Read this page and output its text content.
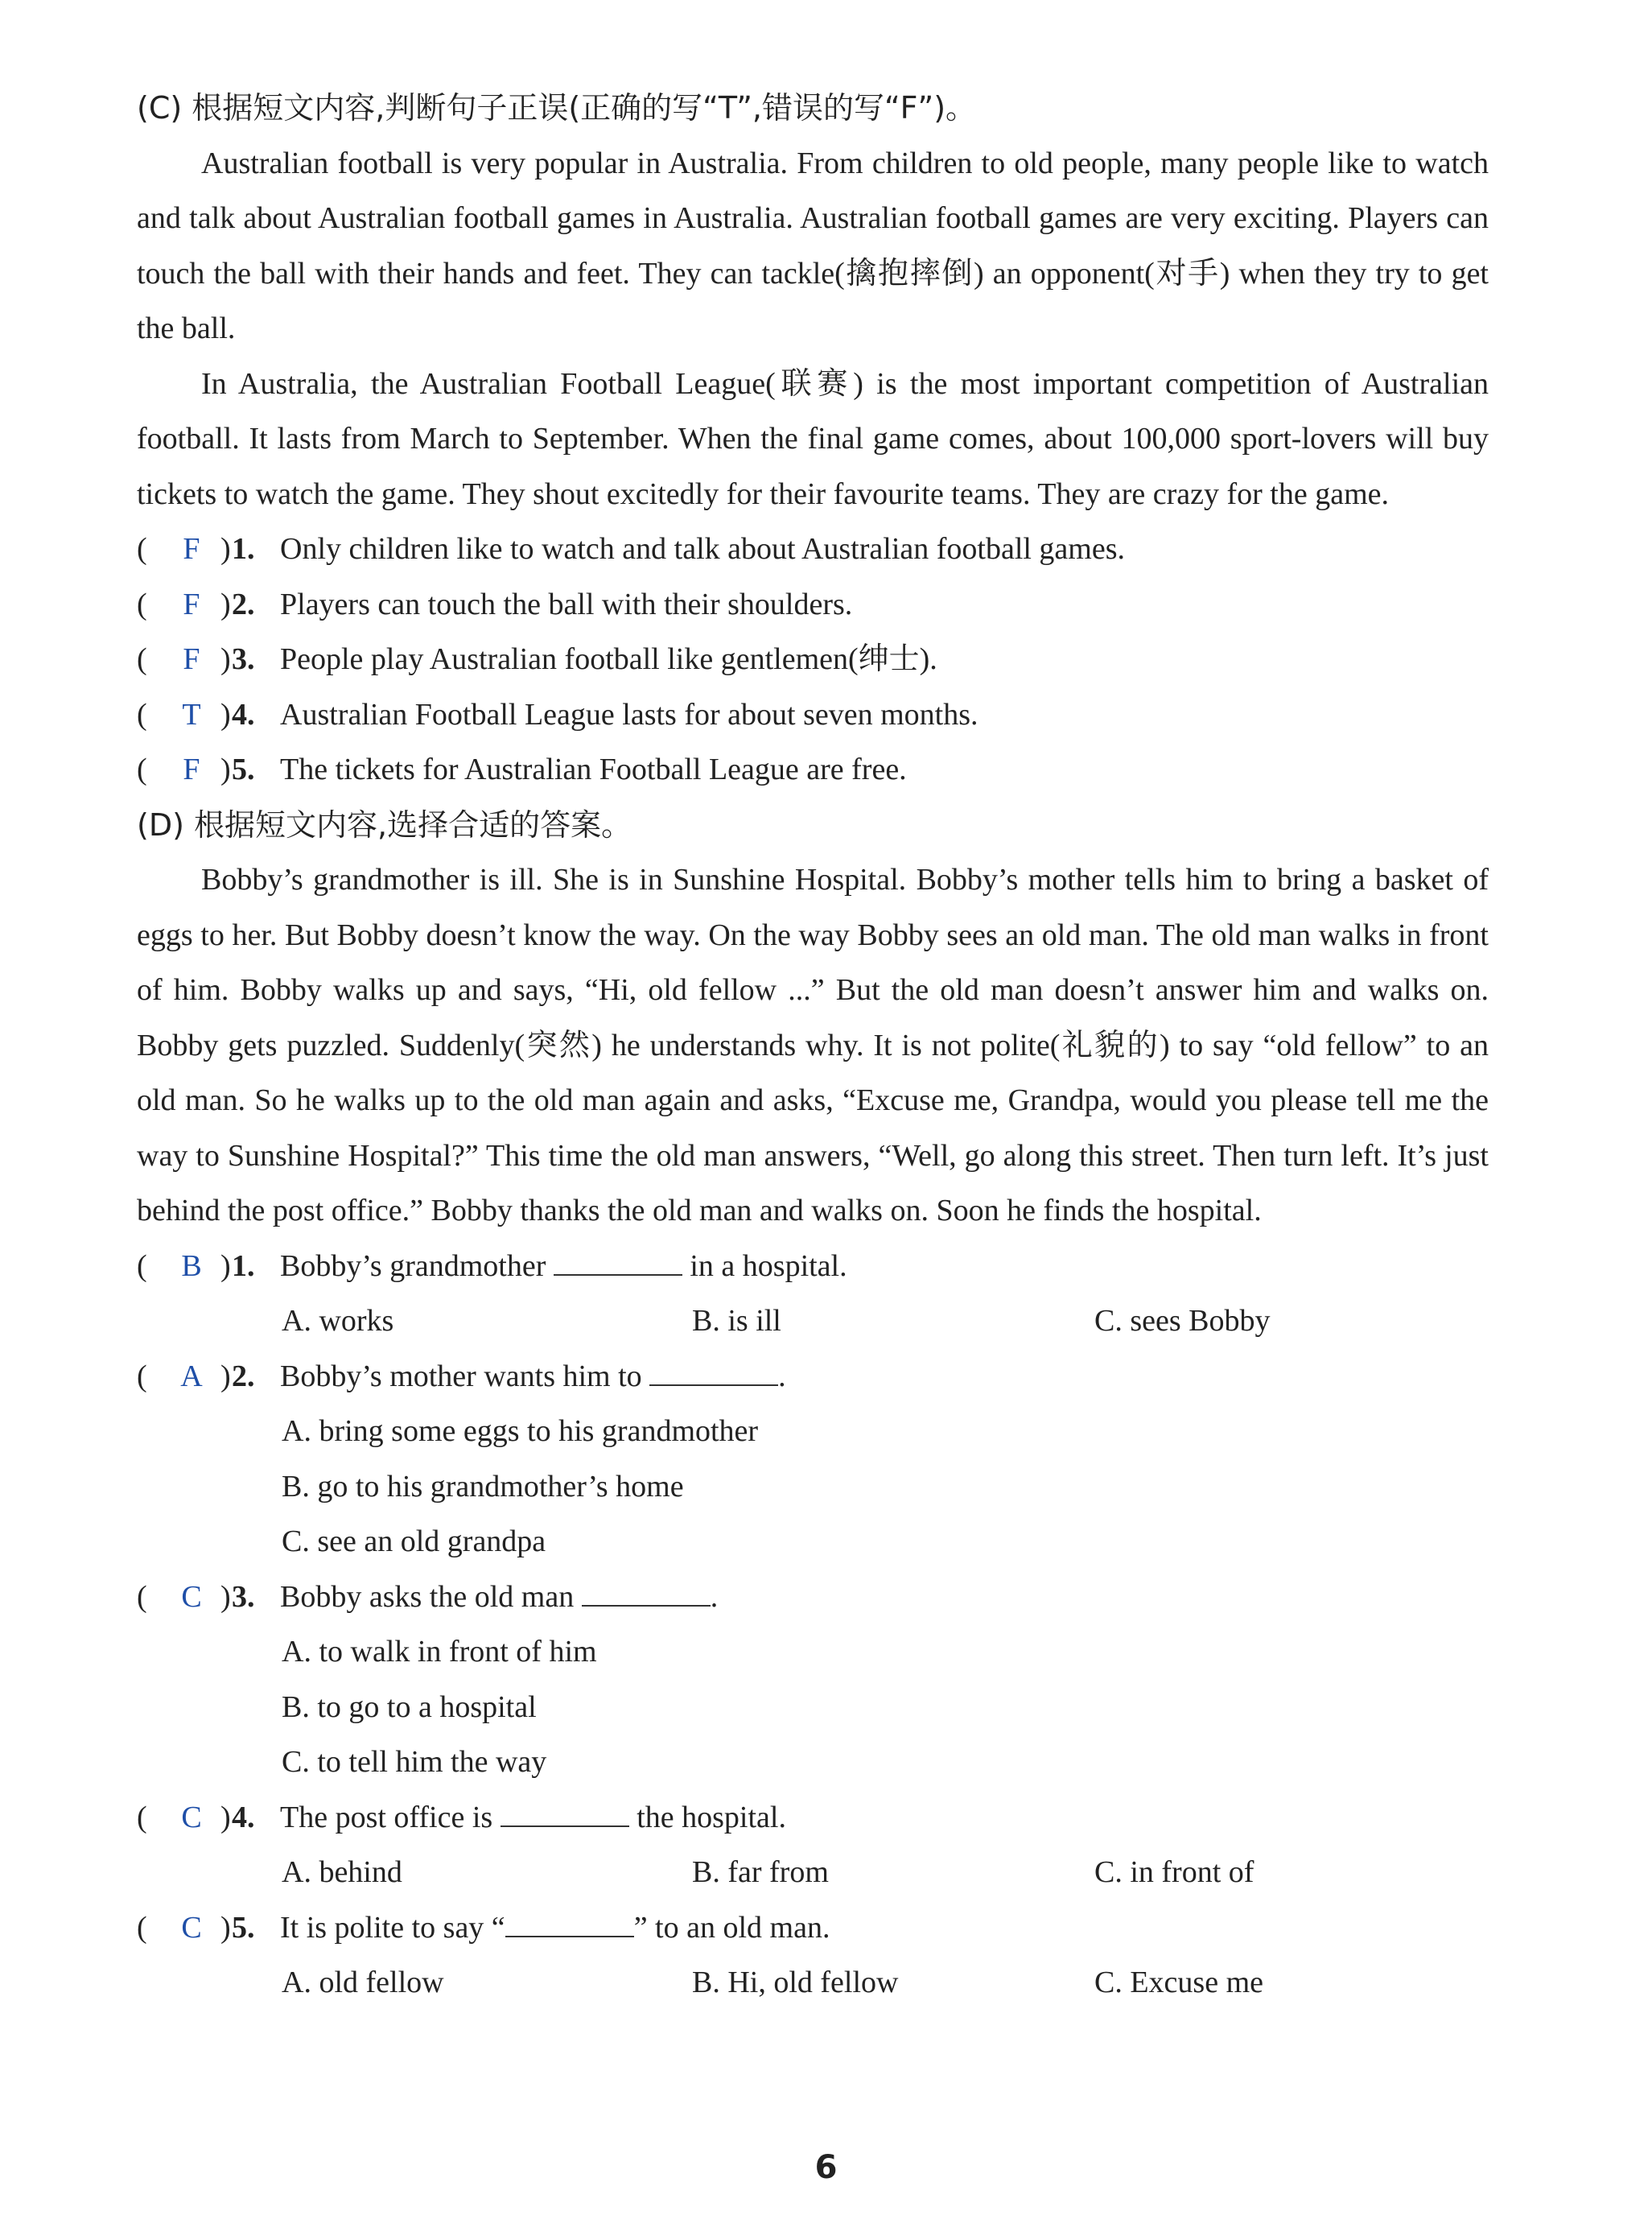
(C) 根据短文内容,判断句子正误(正确的写“T”,错误的写“F”)。

Australian football is very popular in Australia. From children to old people, many people like to watch and talk about Australian football games in Australia. Australian football games are very exciting. Players can touch the ball with their hands and feet. They can tackle(擒抱摔倒) an opponent(对手) when they try to get the ball.

In Australia, the Australian Football League(联赛) is the most important competition of Australian football. It lasts from March to September. When the final game comes, about 100,000 sport-lovers will buy tickets to watch the game. They shout excitedly for their favourite teams. They are crazy for the game.

( F ) 1. Only children like to watch and talk about Australian football games.
( F ) 2. Players can touch the ball with their shoulders.
( F ) 3. People play Australian football like gentlemen(绅士).
( T ) 4. Australian Football League lasts for about seven months.
( F ) 5. The tickets for Australian Football League are free.

(D) 根据短文内容,选择合适的答案。

Bobby’s grandmother is ill. She is in Sunshine Hospital. Bobby’s mother tells him to bring a basket of eggs to her. But Bobby doesn’t know the way. On the way Bobby sees an old man. The old man walks in front of him. Bobby walks up and says, “Hi, old fellow ...” But the old man doesn’t answer him and walks on. Bobby gets puzzled. Suddenly(突然) he understands why. It is not polite(礼貌的) to say “old fellow” to an old man. So he walks up to the old man again and asks, “Excuse me, Grandpa, would you please tell me the way to Sunshine Hospital?” This time the old man answers, “Well, go along this street. Then turn left. It’s just behind the post office.” Bobby thanks the old man and walks on. Soon he finds the hospital.

( B ) 1. Bobby’s grandmother	in a hospital.
A. works	B. is ill	C. sees Bobby
( A ) 2. Bobby’s mother wants him to	.
A. bring some eggs to his grandmother
B. go to his grandmother’s home
C. see an old grandpa
( C ) 3. Bobby asks the old man	.
A. to walk in front of him
B. to go to a hospital
C. to tell him the way
( C ) 4. The post office is	the hospital.
A. behind	B. far from	C. in front of
( C ) 5. It is polite to say “	” to an old man.
A. old fellow	B. Hi, old fellow	C. Excuse me
6
